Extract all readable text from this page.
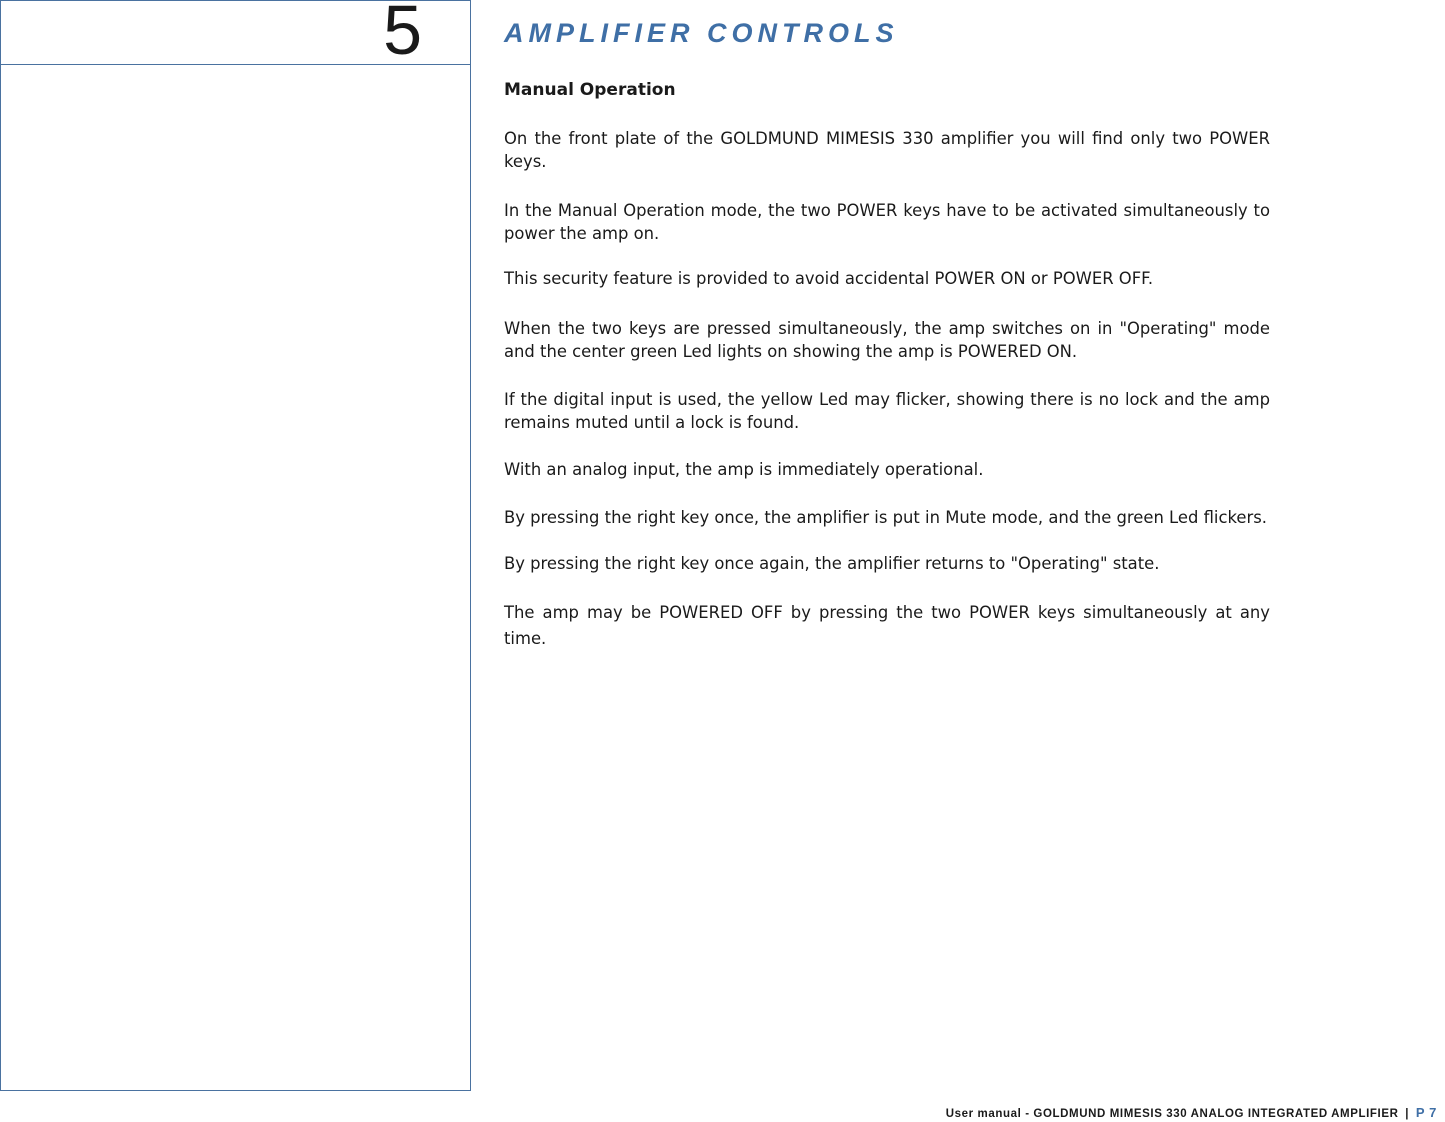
5	AMPLIFIER CONTROLS
Manual Operation

On the front plate of the GOLDMUND MIMESIS 330 amplifier you will find only two POWER keys.

In the Manual Operation mode, the two POWER keys have to be activated simultaneously to power the amp on.

This security feature is provided to avoid accidental POWER ON or POWER OFF.

When the two keys are pressed simultaneously, the amp switches on in "Operating" mode and the center green Led lights on showing the amp is POWERED ON.

If the digital input is used, the yellow Led may flicker, showing there is no lock and the amp remains muted until a lock is found.

With an analog input, the amp is immediately operational.

By pressing the right key once, the amplifier is put in Mute mode, and the green Led flickers.

By pressing the right key once again, the amplifier returns to "Operating" state.

The amp may be POWERED OFF by pressing the two POWER keys simultaneously at any time.

User manual - GOLDMUND MIMESIS 330 ANALOG INTEGRATED AMPLIFIER | P 7
